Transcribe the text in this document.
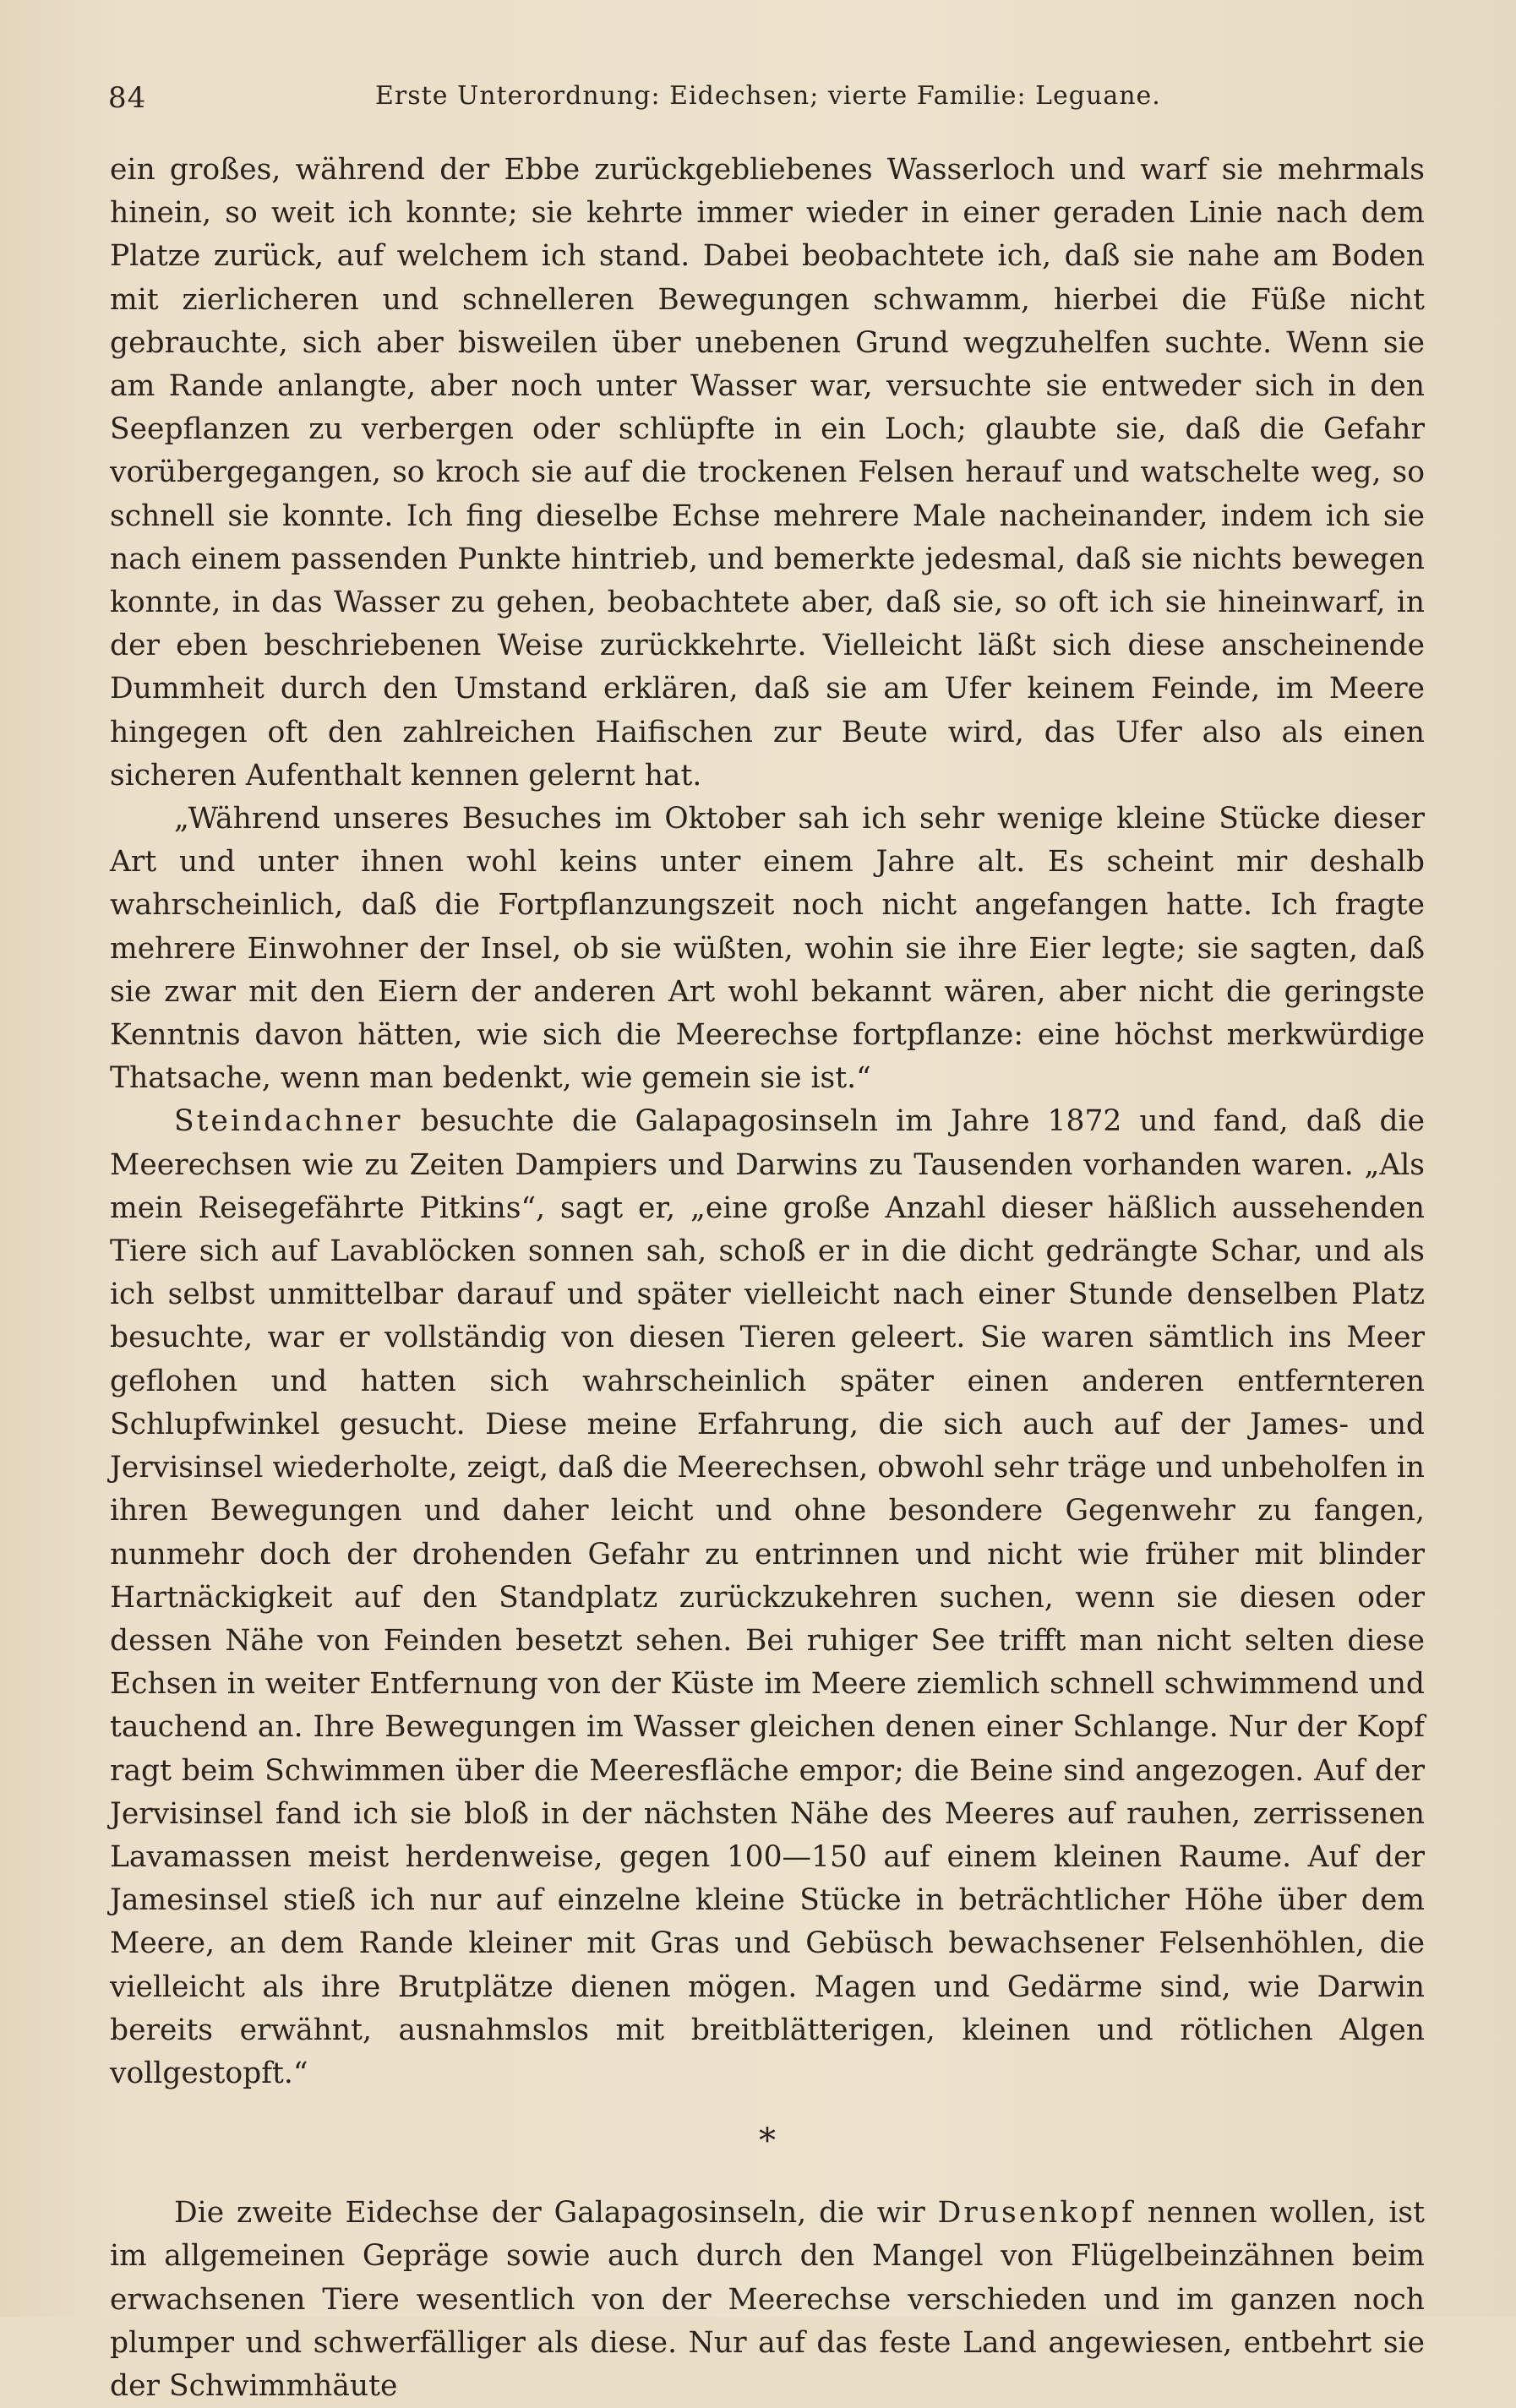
84	Erste Unterordnung: Eidechsen; vierte Familie: Leguane.

ein großes, während der Ebbe zurückgebliebenes Wasserloch und warf sie mehrmals hinein, so weit ich konnte; sie kehrte immer wieder in einer geraden Linie nach dem Platze zurück, auf welchem ich stand. Dabei beobachtete ich, daß sie nahe am Boden mit zierlicheren und schnelleren Bewegungen schwamm, hierbei die Füße nicht gebrauchte, sich aber bisweilen über unebenen Grund wegzuhelfen suchte. Wenn sie am Rande anlangte, aber noch unter Wasser war, versuchte sie entweder sich in den Seepflanzen zu verbergen oder schlüpfte in ein Loch; glaubte sie, daß die Gefahr vorübergegangen, so kroch sie auf die trockenen Felsen herauf und watschelte weg, so schnell sie konnte. Ich fing dieselbe Echse mehrere Male nacheinander, indem ich sie nach einem passenden Punkte hintrieb, und bemerkte jedesmal, daß sie nichts bewegen konnte, in das Wasser zu gehen, beobachtete aber, daß sie, so oft ich sie hineinwarf, in der eben beschriebenen Weise zurückkehrte. Vielleicht läßt sich diese anscheinende Dummheit durch den Umstand erklären, daß sie am Ufer keinem Feinde, im Meere hingegen oft den zahlreichen Haifischen zur Beute wird, das Ufer also als einen sicheren Aufenthalt kennen gelernt hat.

„Während unseres Besuches im Oktober sah ich sehr wenige kleine Stücke dieser Art und unter ihnen wohl keins unter einem Jahre alt. Es scheint mir deshalb wahrscheinlich, daß die Fortpflanzungszeit noch nicht angefangen hatte. Ich fragte mehrere Einwohner der Insel, ob sie wüßten, wohin sie ihre Eier legte; sie sagten, daß sie zwar mit den Eiern der anderen Art wohl bekannt wären, aber nicht die geringste Kenntnis davon hätten, wie sich die Meerechse fortpflanze: eine höchst merkwürdige Thatsache, wenn man bedenkt, wie gemein sie ist.“

Steindachner besuchte die Galapagosinseln im Jahre 1872 und fand, daß die Meerechsen wie zu Zeiten Dampiers und Darwins zu Tausenden vorhanden waren. „Als mein Reisegefährte Pitkins“, sagt er, „eine große Anzahl dieser häßlich aussehenden Tiere sich auf Lavablöcken sonnen sah, schoß er in die dicht gedrängte Schar, und als ich selbst unmittelbar darauf und später vielleicht nach einer Stunde denselben Platz besuchte, war er vollständig von diesen Tieren geleert. Sie waren sämtlich ins Meer geflohen und hatten sich wahrscheinlich später einen anderen entfernteren Schlupfwinkel gesucht. Diese meine Erfahrung, die sich auch auf der James- und Jervisinsel wiederholte, zeigt, daß die Meerechsen, obwohl sehr träge und unbeholfen in ihren Bewegungen und daher leicht und ohne besondere Gegenwehr zu fangen, nunmehr doch der drohenden Gefahr zu entrinnen und nicht wie früher mit blinder Hartnäckigkeit auf den Standplatz zurückzukehren suchen, wenn sie diesen oder dessen Nähe von Feinden besetzt sehen. Bei ruhiger See trifft man nicht selten diese Echsen in weiter Entfernung von der Küste im Meere ziemlich schnell schwimmend und tauchend an. Ihre Bewegungen im Wasser gleichen denen einer Schlange. Nur der Kopf ragt beim Schwimmen über die Meeresfläche empor; die Beine sind angezogen. Auf der Jervisinsel fand ich sie bloß in der nächsten Nähe des Meeres auf rauhen, zerrissenen Lavamassen meist herdenweise, gegen 100—150 auf einem kleinen Raume. Auf der Jamesinsel stieß ich nur auf einzelne kleine Stücke in beträchtlicher Höhe über dem Meere, an dem Rande kleiner mit Gras und Gebüsch bewachsener Felsenhöhlen, die vielleicht als ihre Brutplätze dienen mögen. Magen und Gedärme sind, wie Darwin bereits erwähnt, ausnahmslos mit breitblätterigen, kleinen und rötlichen Algen vollgestopft.“

*

Die zweite Eidechse der Galapagosinseln, die wir Drusenkopf nennen wollen, ist im allgemeinen Gepräge sowie auch durch den Mangel von Flügelbeinzähnen beim erwachsenen Tiere wesentlich von der Meerechse verschieden und im ganzen noch plumper und schwerfälliger als diese. Nur auf das feste Land angewiesen, entbehrt sie der Schwimmhäute
